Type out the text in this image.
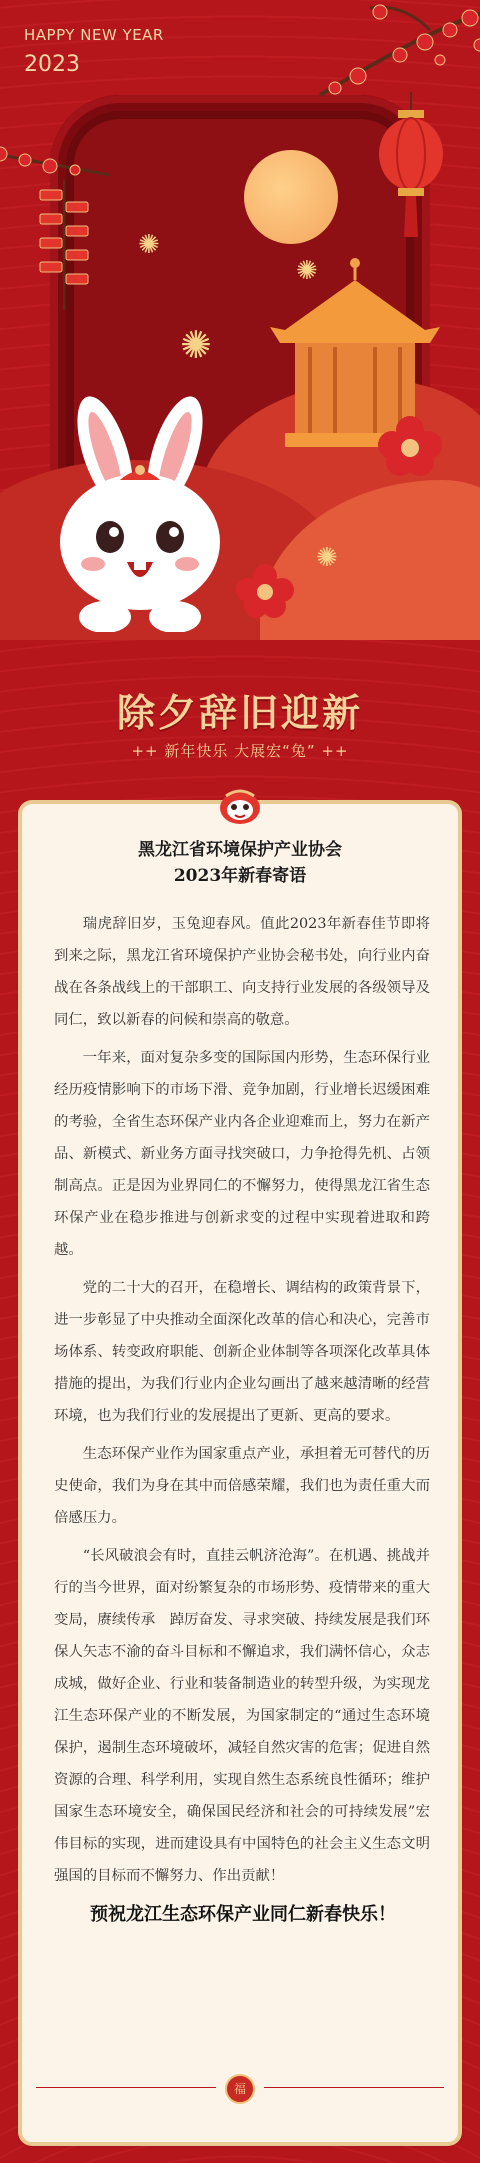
HAPPY NEW YEAR
2023
✺
✺
✺
✺
除夕辞旧迎新
++ 新年快乐 大展宏“兔” ++
黑龙江省环境保护产业协会
2023年新春寄语

瑞虎辞旧岁，玉兔迎春风。值此2023年新春佳节即将到来之际，黑龙江省环境保护产业协会秘书处，向行业内奋战在各条战线上的干部职工、向支持行业发展的各级领导及同仁，致以新春的问候和崇高的敬意。

一年来，面对复杂多变的国际国内形势，生态环保行业经历疫情影响下的市场下滑、竞争加剧，行业增长迟缓困难的考验，全省生态环保产业内各企业迎难而上，努力在新产品、新模式、新业务方面寻找突破口，力争抢得先机、占领制高点。正是因为业界同仁的不懈努力，使得黑龙江省生态环保产业在稳步推进与创新求变的过程中实现着进取和跨越。

党的二十大的召开，在稳增长、调结构的政策背景下，进一步彰显了中央推动全面深化改革的信心和决心，完善市场体系、转变政府职能、创新企业体制等各项深化改革具体措施的提出，为我们行业内企业勾画出了越来越清晰的经营环境，也为我们行业的发展提出了更新、更高的要求。

生态环保产业作为国家重点产业，承担着无可替代的历史使命，我们为身在其中而倍感荣耀，我们也为责任重大而倍感压力。

“长风破浪会有时，直挂云帆济沧海”。在机遇、挑战并行的当今世界，面对纷繁复杂的市场形势、疫情带来的重大变局，赓续传承　踔厉奋发、寻求突破、持续发展是我们环保人矢志不渝的奋斗目标和不懈追求，我们满怀信心，众志成城，做好企业、行业和装备制造业的转型升级，为实现龙江生态环保产业的不断发展，为国家制定的“通过生态环境保护，遏制生态环境破坏，减轻自然灾害的危害；促进自然资源的合理、科学利用，实现自然生态系统良性循环；维护国家生态环境安全，确保国民经济和社会的可持续发展”宏伟目标的实现，进而建设具有中国特色的社会主义生态文明强国的目标而不懈努力、作出贡献！

预祝龙江生态环保产业同仁新春快乐！

福
